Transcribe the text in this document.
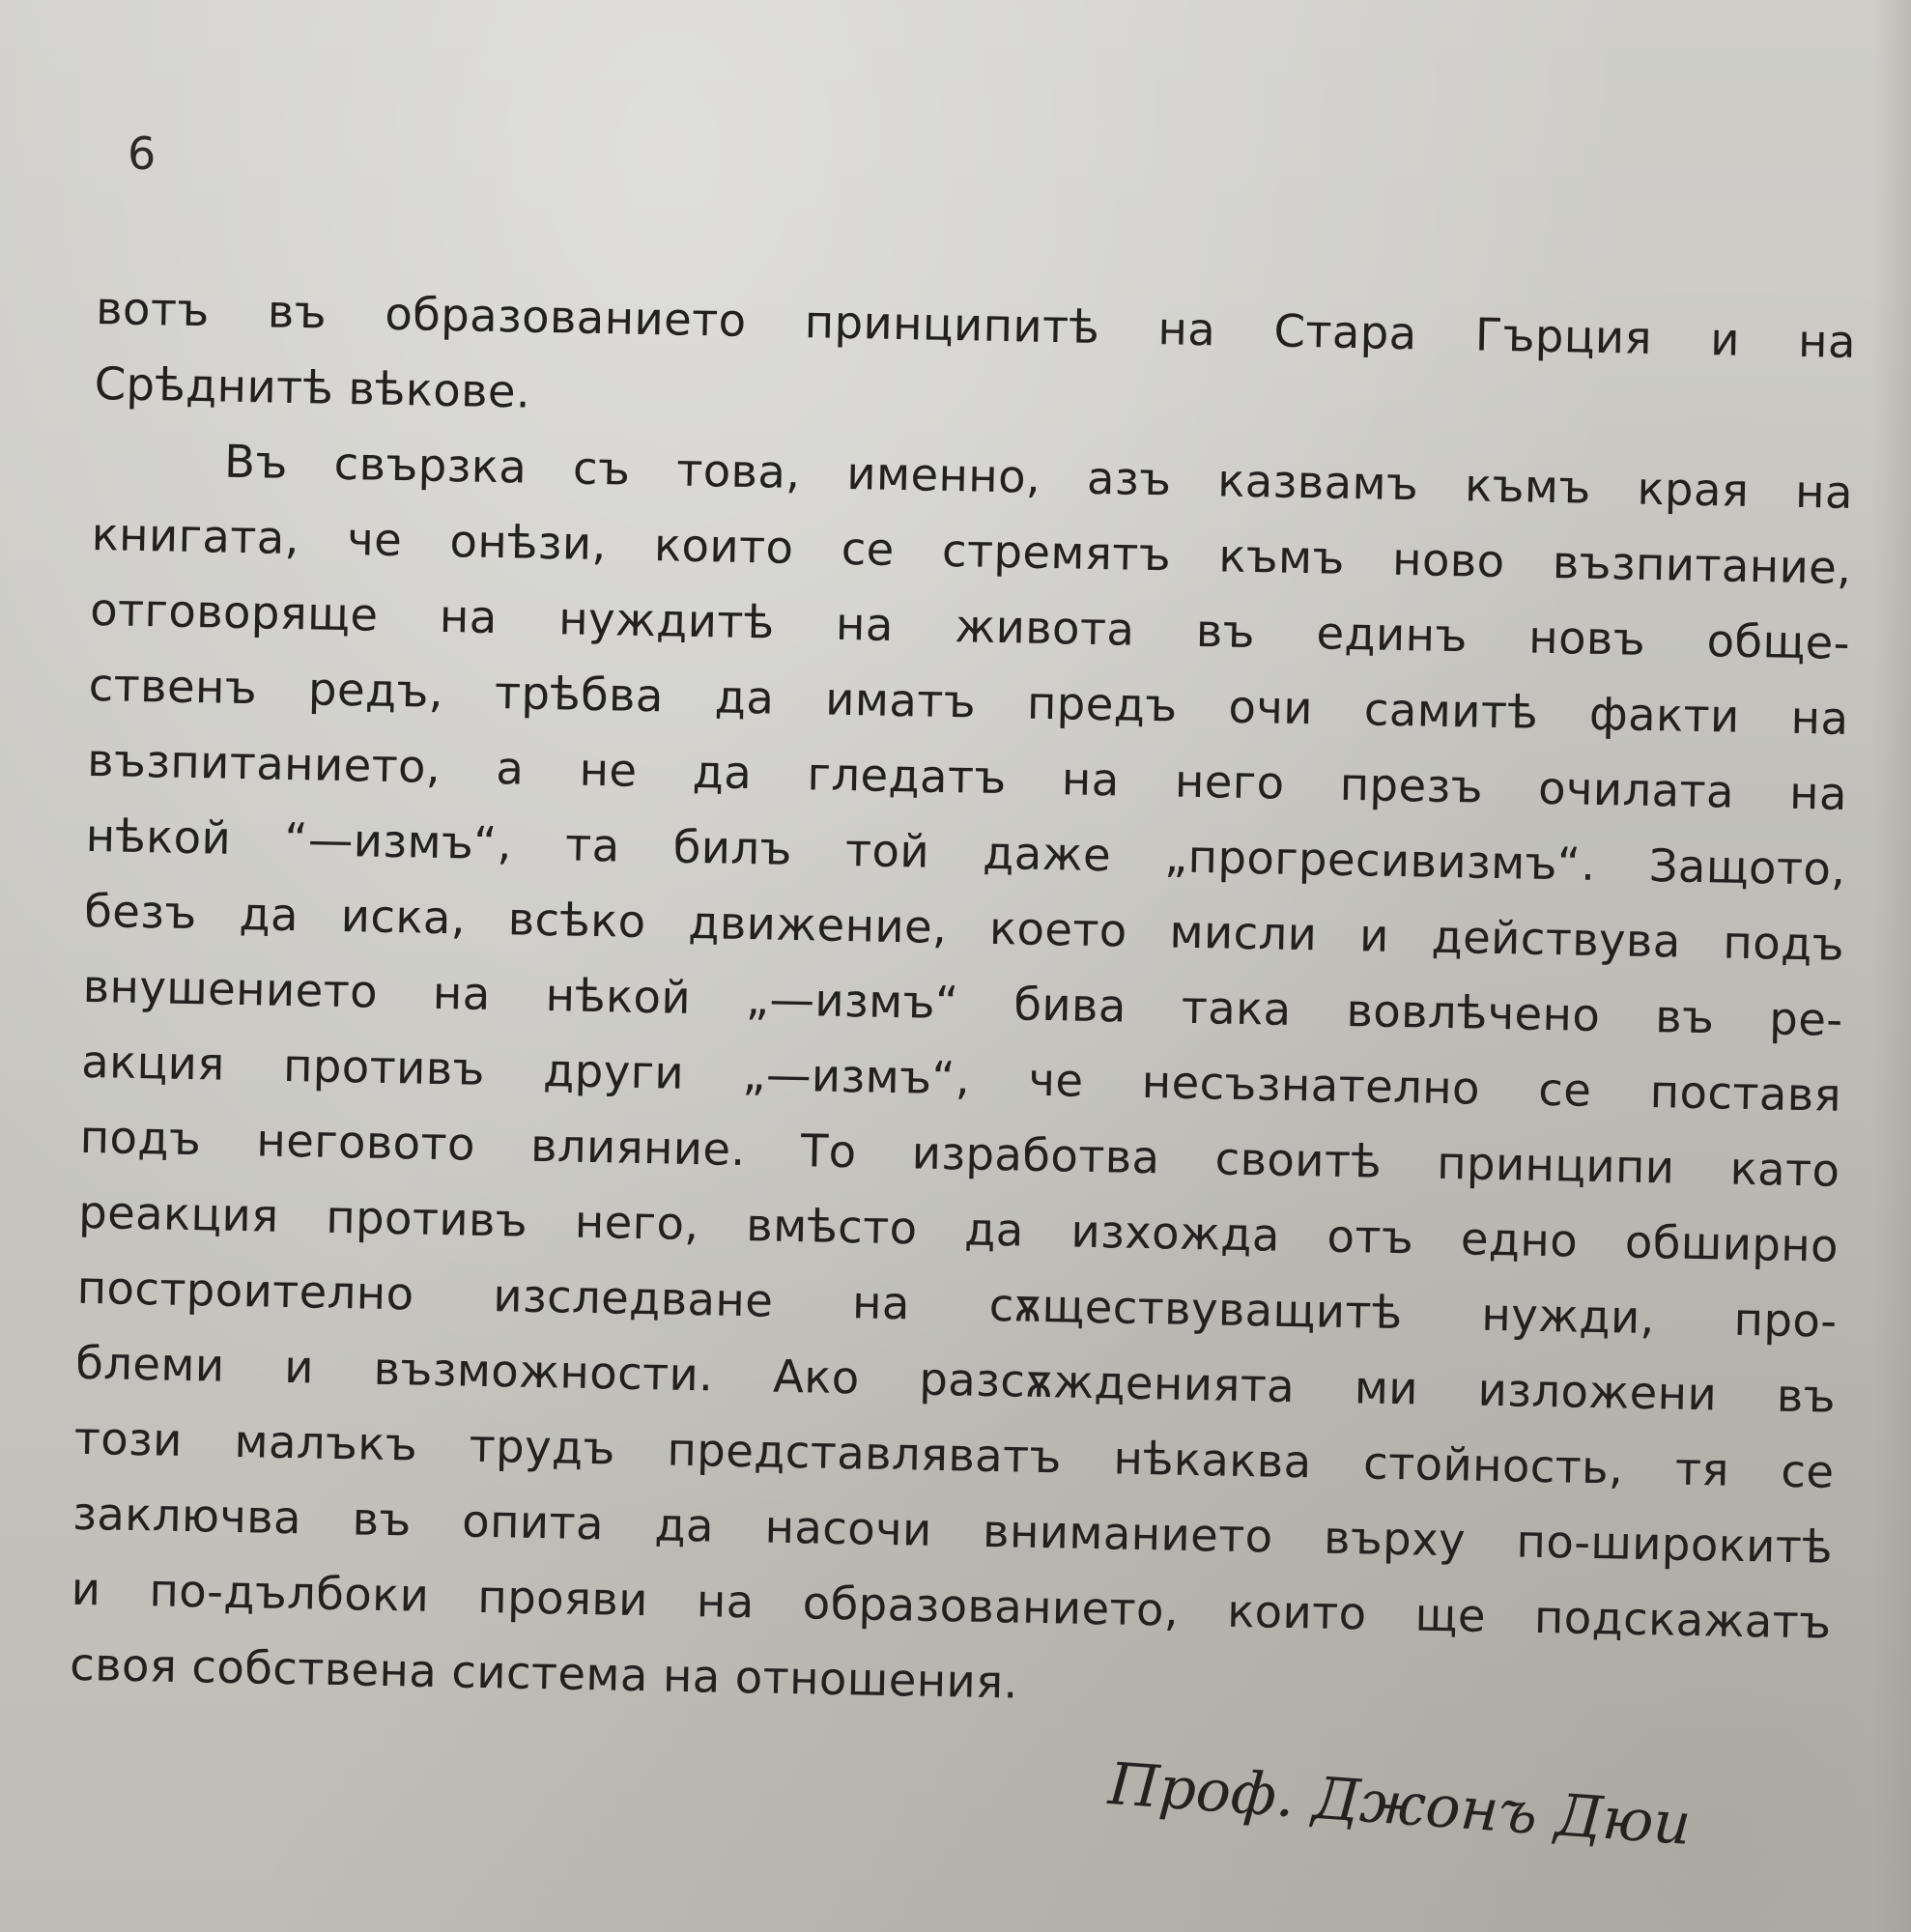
6
вотъ въ образованието принципитѣ на Стара Гърция и на
Срѣднитѣ вѣкове.
Въ свързка съ това, именно, азъ казвамъ къмъ края на
книгата, че онѣзи, които се стремятъ къмъ ново възпитание,
отговоряще на нуждитѣ на живота въ единъ новъ обще-
ственъ редъ, трѣбва да иматъ предъ очи самитѣ факти на
възпитанието, а не да гледатъ на него презъ очилата на
нѣкой “—измъ“, та билъ той даже „прогресивизмъ“. Защото,
безъ да иска, всѣко движение, което мисли и действува подъ
внушението на нѣкой „—измъ“ бива така вовлѣчено въ ре-
акция противъ други „—измъ“, че несъзнателно се поставя
подъ неговото влияние. То изработва своитѣ принципи като
реакция противъ него, вмѣсто да изхожда отъ едно обширно
построително изследване на сѫществуващитѣ нужди, про-
блеми и възможности. Ако разсѫжденията ми изложени въ
този малъкъ трудъ представляватъ нѣкаква стойность, тя се
заключва въ опита да насочи вниманието върху по-широкитѣ
и по-дълбоки прояви на образованието, които ще подскажатъ
своя собствена система на отношения.
Проф. Джонъ Дюи
